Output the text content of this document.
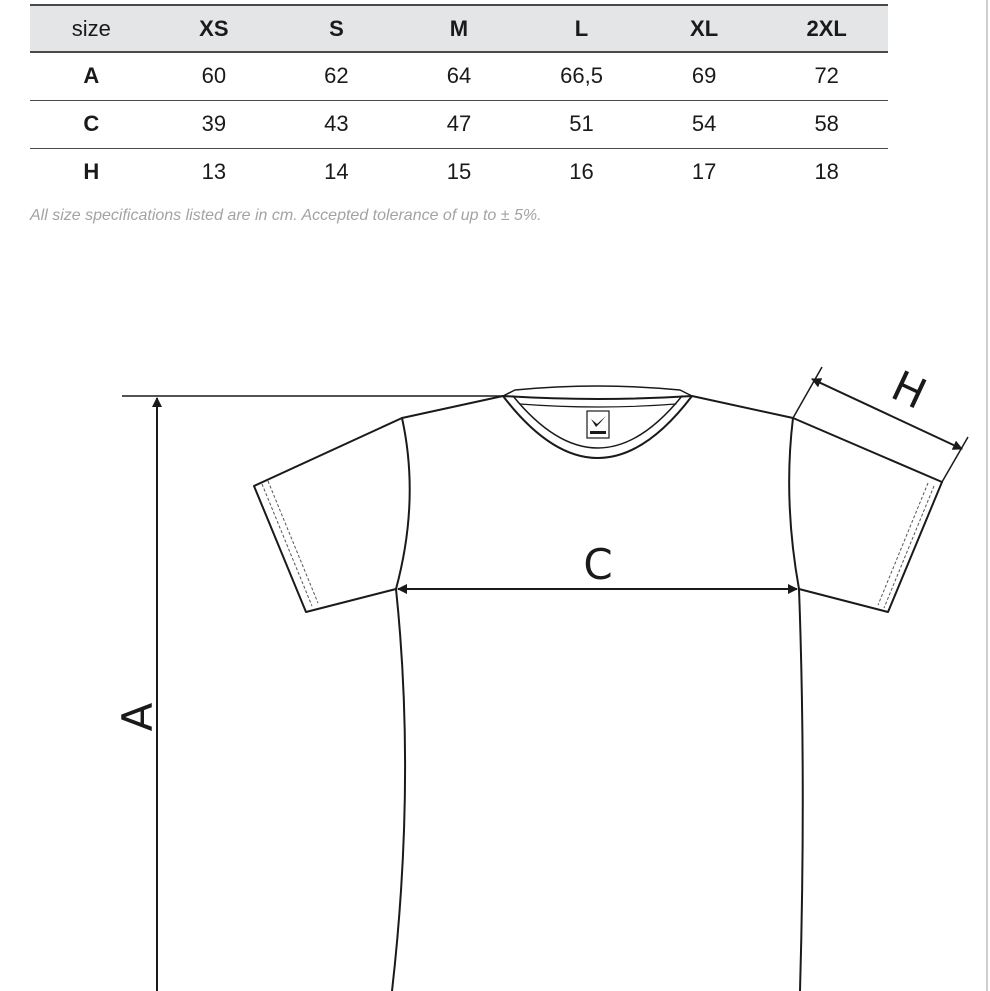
size	XS	S	M	L	XL	2XL
A	60	62	64	66,5	69	72
C	39	43	47	51	54	58
H	13	14	15	16	17	18
All size specifications listed are in cm. Accepted tolerance of up to ± 5%.
A
C
H
